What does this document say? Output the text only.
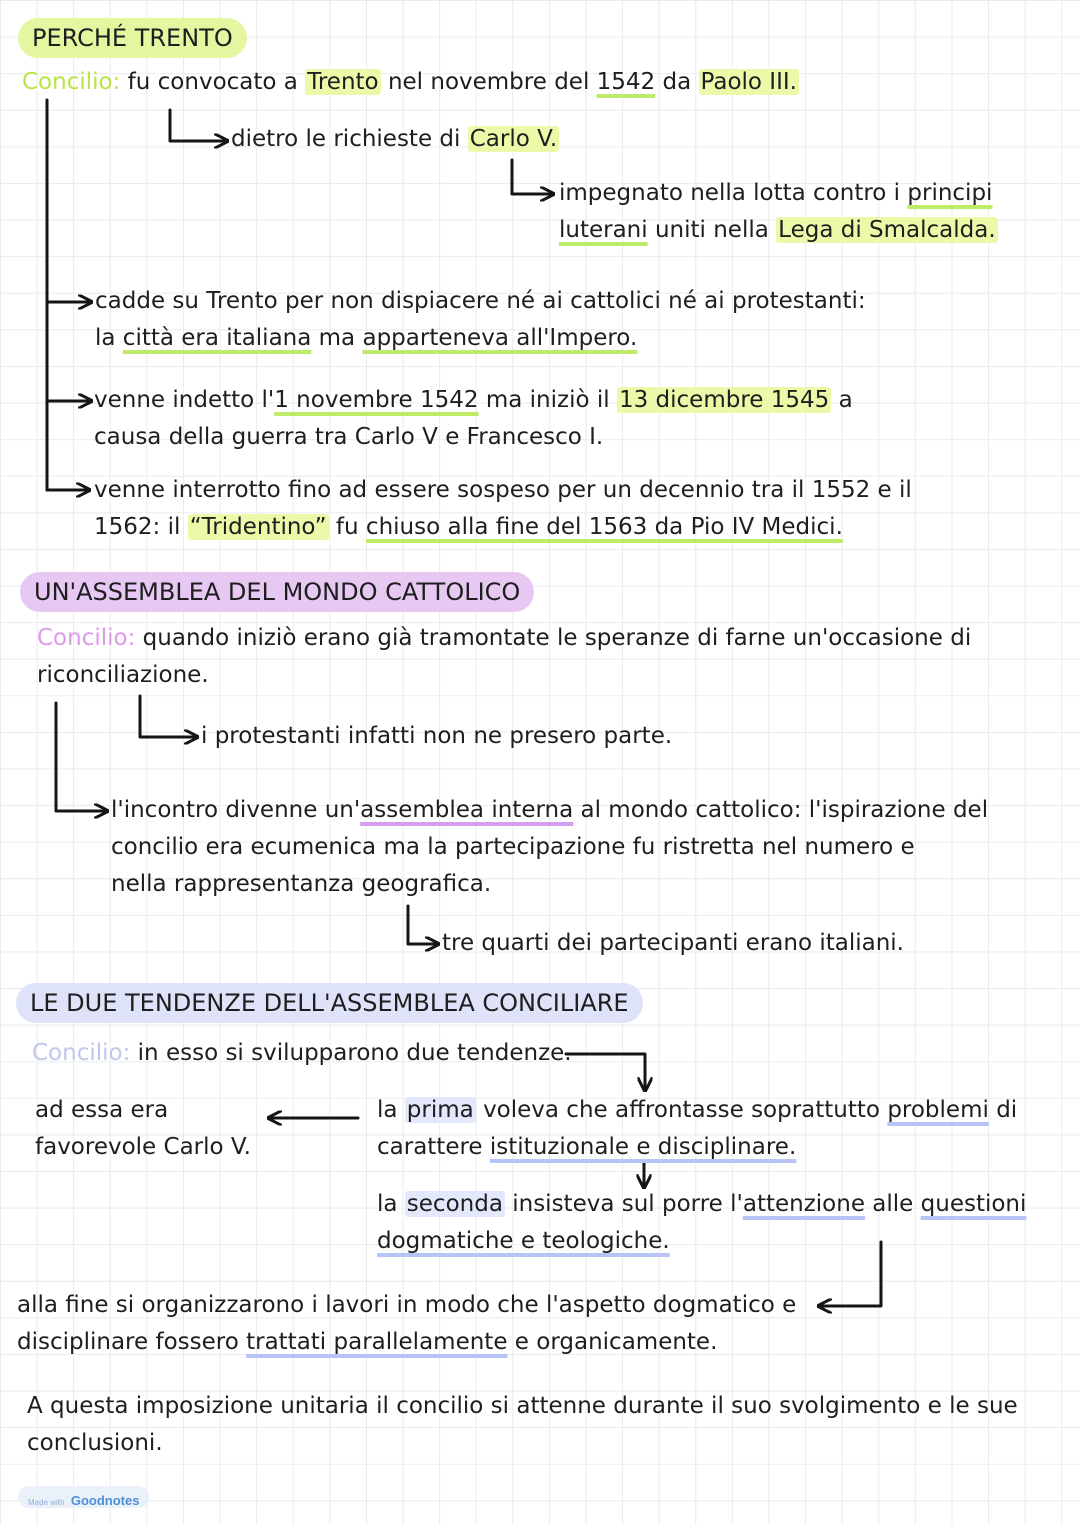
PERCHÉ TRENTO

Concilio: fu convocato a Trento nel novembre del 1542 da Paolo III.

dietro le richieste di Carlo V.

impegnato nella lotta contro i principi

luterani uniti nella Lega di Smalcalda.

cadde su Trento per non dispiacere né ai cattolici né ai protestanti:

la città era italiana ma apparteneva all'Impero.

venne indetto l'1 novembre 1542 ma iniziò il 13 dicembre 1545 a

causa della guerra tra Carlo V e Francesco I.

venne interrotto fino ad essere sospeso per un decennio tra il 1552 e il

1562: il “Tridentino” fu chiuso alla fine del 1563 da Pio IV Medici.

UN'ASSEMBLEA DEL MONDO CATTOLICO

Concilio: quando iniziò erano già tramontate le speranze di farne un'occasione di

riconciliazione.

i protestanti infatti non ne presero parte.

l'incontro divenne un'assemblea interna al mondo cattolico: l'ispirazione del

concilio era ecumenica ma la partecipazione fu ristretta nel numero e

nella rappresentanza geografica.

tre quarti dei partecipanti erano italiani.

LE DUE TENDENZE DELL'ASSEMBLEA CONCILIARE

Concilio: in esso si svilupparono due tendenze.

ad essa era

favorevole Carlo V.

la prima voleva che affrontasse soprattutto problemi di

carattere istituzionale e disciplinare.

la seconda insisteva sul porre l'attenzione alle questioni

dogmatiche e teologiche.

alla fine si organizzarono i lavori in modo che l'aspetto dogmatico e

disciplinare fossero trattati parallelamente e organicamente.

A questa imposizione unitaria il concilio si attenne durante il suo svolgimento e le sue

conclusioni.

Made with Goodnotes
